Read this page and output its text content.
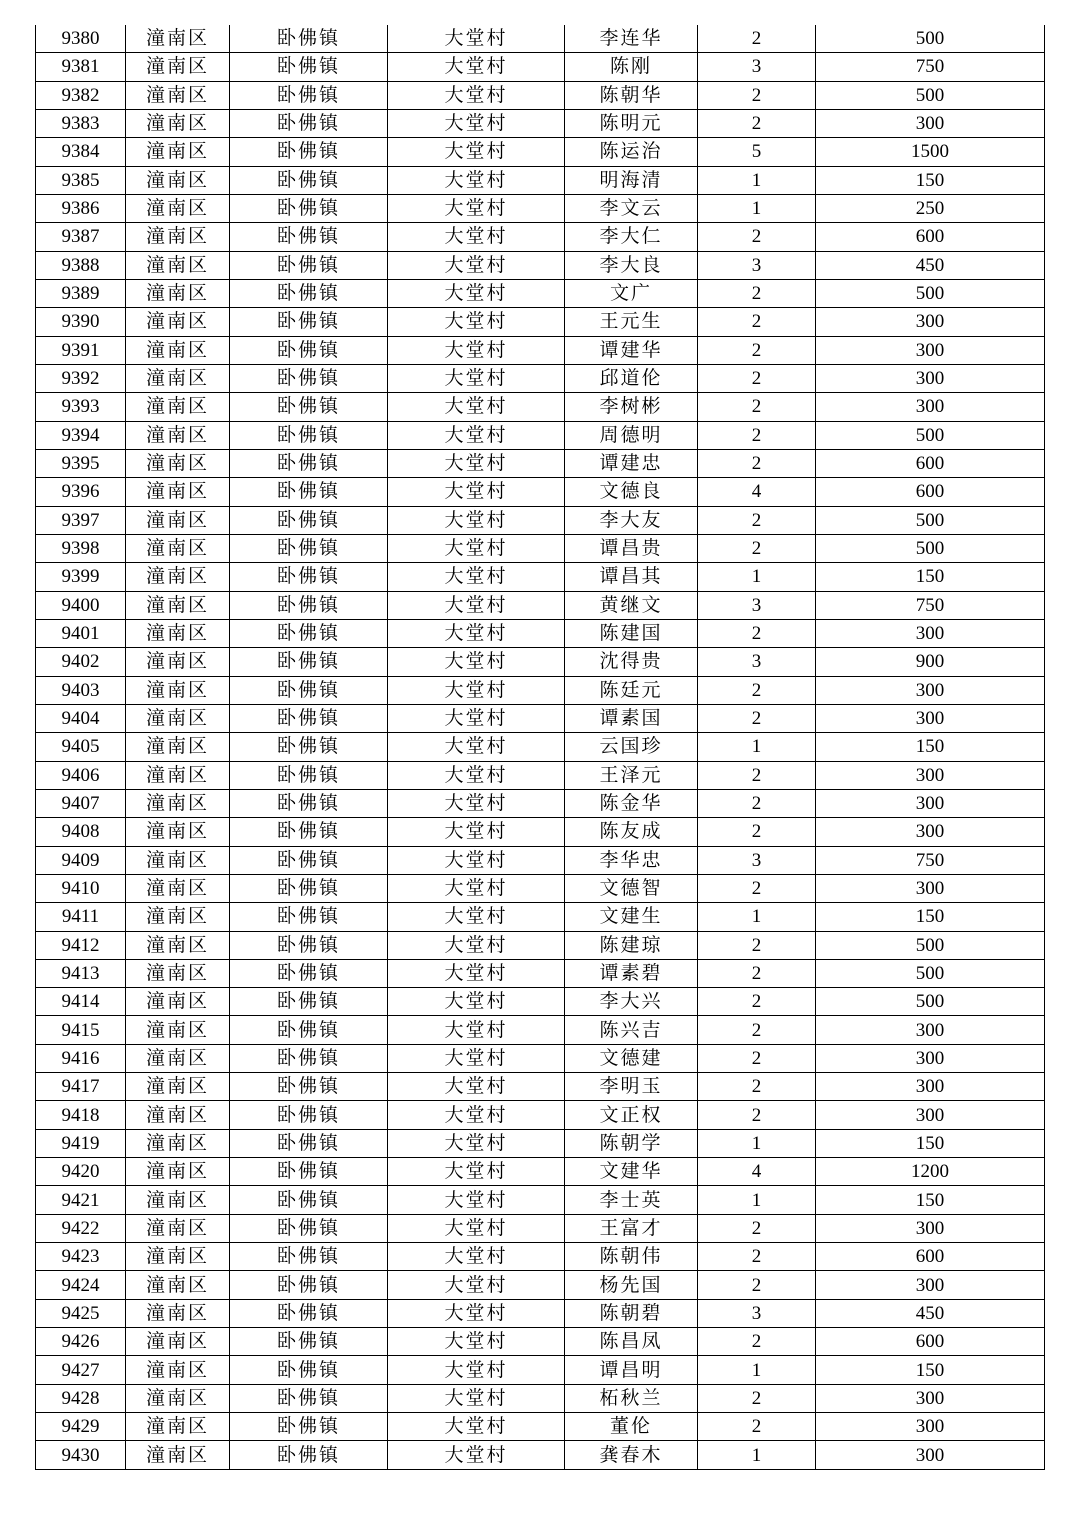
9380	潼南区	卧佛镇	大堂村	李连华	2	500
9381	潼南区	卧佛镇	大堂村	陈刚	3	750
9382	潼南区	卧佛镇	大堂村	陈朝华	2	500
9383	潼南区	卧佛镇	大堂村	陈明元	2	300
9384	潼南区	卧佛镇	大堂村	陈运治	5	1500
9385	潼南区	卧佛镇	大堂村	明海清	1	150
9386	潼南区	卧佛镇	大堂村	李文云	1	250
9387	潼南区	卧佛镇	大堂村	李大仁	2	600
9388	潼南区	卧佛镇	大堂村	李大良	3	450
9389	潼南区	卧佛镇	大堂村	文广	2	500
9390	潼南区	卧佛镇	大堂村	王元生	2	300
9391	潼南区	卧佛镇	大堂村	谭建华	2	300
9392	潼南区	卧佛镇	大堂村	邱道伦	2	300
9393	潼南区	卧佛镇	大堂村	李树彬	2	300
9394	潼南区	卧佛镇	大堂村	周德明	2	500
9395	潼南区	卧佛镇	大堂村	谭建忠	2	600
9396	潼南区	卧佛镇	大堂村	文德良	4	600
9397	潼南区	卧佛镇	大堂村	李大友	2	500
9398	潼南区	卧佛镇	大堂村	谭昌贵	2	500
9399	潼南区	卧佛镇	大堂村	谭昌其	1	150
9400	潼南区	卧佛镇	大堂村	黄继文	3	750
9401	潼南区	卧佛镇	大堂村	陈建国	2	300
9402	潼南区	卧佛镇	大堂村	沈得贵	3	900
9403	潼南区	卧佛镇	大堂村	陈廷元	2	300
9404	潼南区	卧佛镇	大堂村	谭素国	2	300
9405	潼南区	卧佛镇	大堂村	云国珍	1	150
9406	潼南区	卧佛镇	大堂村	王泽元	2	300
9407	潼南区	卧佛镇	大堂村	陈金华	2	300
9408	潼南区	卧佛镇	大堂村	陈友成	2	300
9409	潼南区	卧佛镇	大堂村	李华忠	3	750
9410	潼南区	卧佛镇	大堂村	文德智	2	300
9411	潼南区	卧佛镇	大堂村	文建生	1	150
9412	潼南区	卧佛镇	大堂村	陈建琼	2	500
9413	潼南区	卧佛镇	大堂村	谭素碧	2	500
9414	潼南区	卧佛镇	大堂村	李大兴	2	500
9415	潼南区	卧佛镇	大堂村	陈兴吉	2	300
9416	潼南区	卧佛镇	大堂村	文德建	2	300
9417	潼南区	卧佛镇	大堂村	李明玉	2	300
9418	潼南区	卧佛镇	大堂村	文正权	2	300
9419	潼南区	卧佛镇	大堂村	陈朝学	1	150
9420	潼南区	卧佛镇	大堂村	文建华	4	1200
9421	潼南区	卧佛镇	大堂村	李士英	1	150
9422	潼南区	卧佛镇	大堂村	王富才	2	300
9423	潼南区	卧佛镇	大堂村	陈朝伟	2	600
9424	潼南区	卧佛镇	大堂村	杨先国	2	300
9425	潼南区	卧佛镇	大堂村	陈朝碧	3	450
9426	潼南区	卧佛镇	大堂村	陈昌凤	2	600
9427	潼南区	卧佛镇	大堂村	谭昌明	1	150
9428	潼南区	卧佛镇	大堂村	柘秋兰	2	300
9429	潼南区	卧佛镇	大堂村	董伦	2	300
9430	潼南区	卧佛镇	大堂村	龚春木	1	300
